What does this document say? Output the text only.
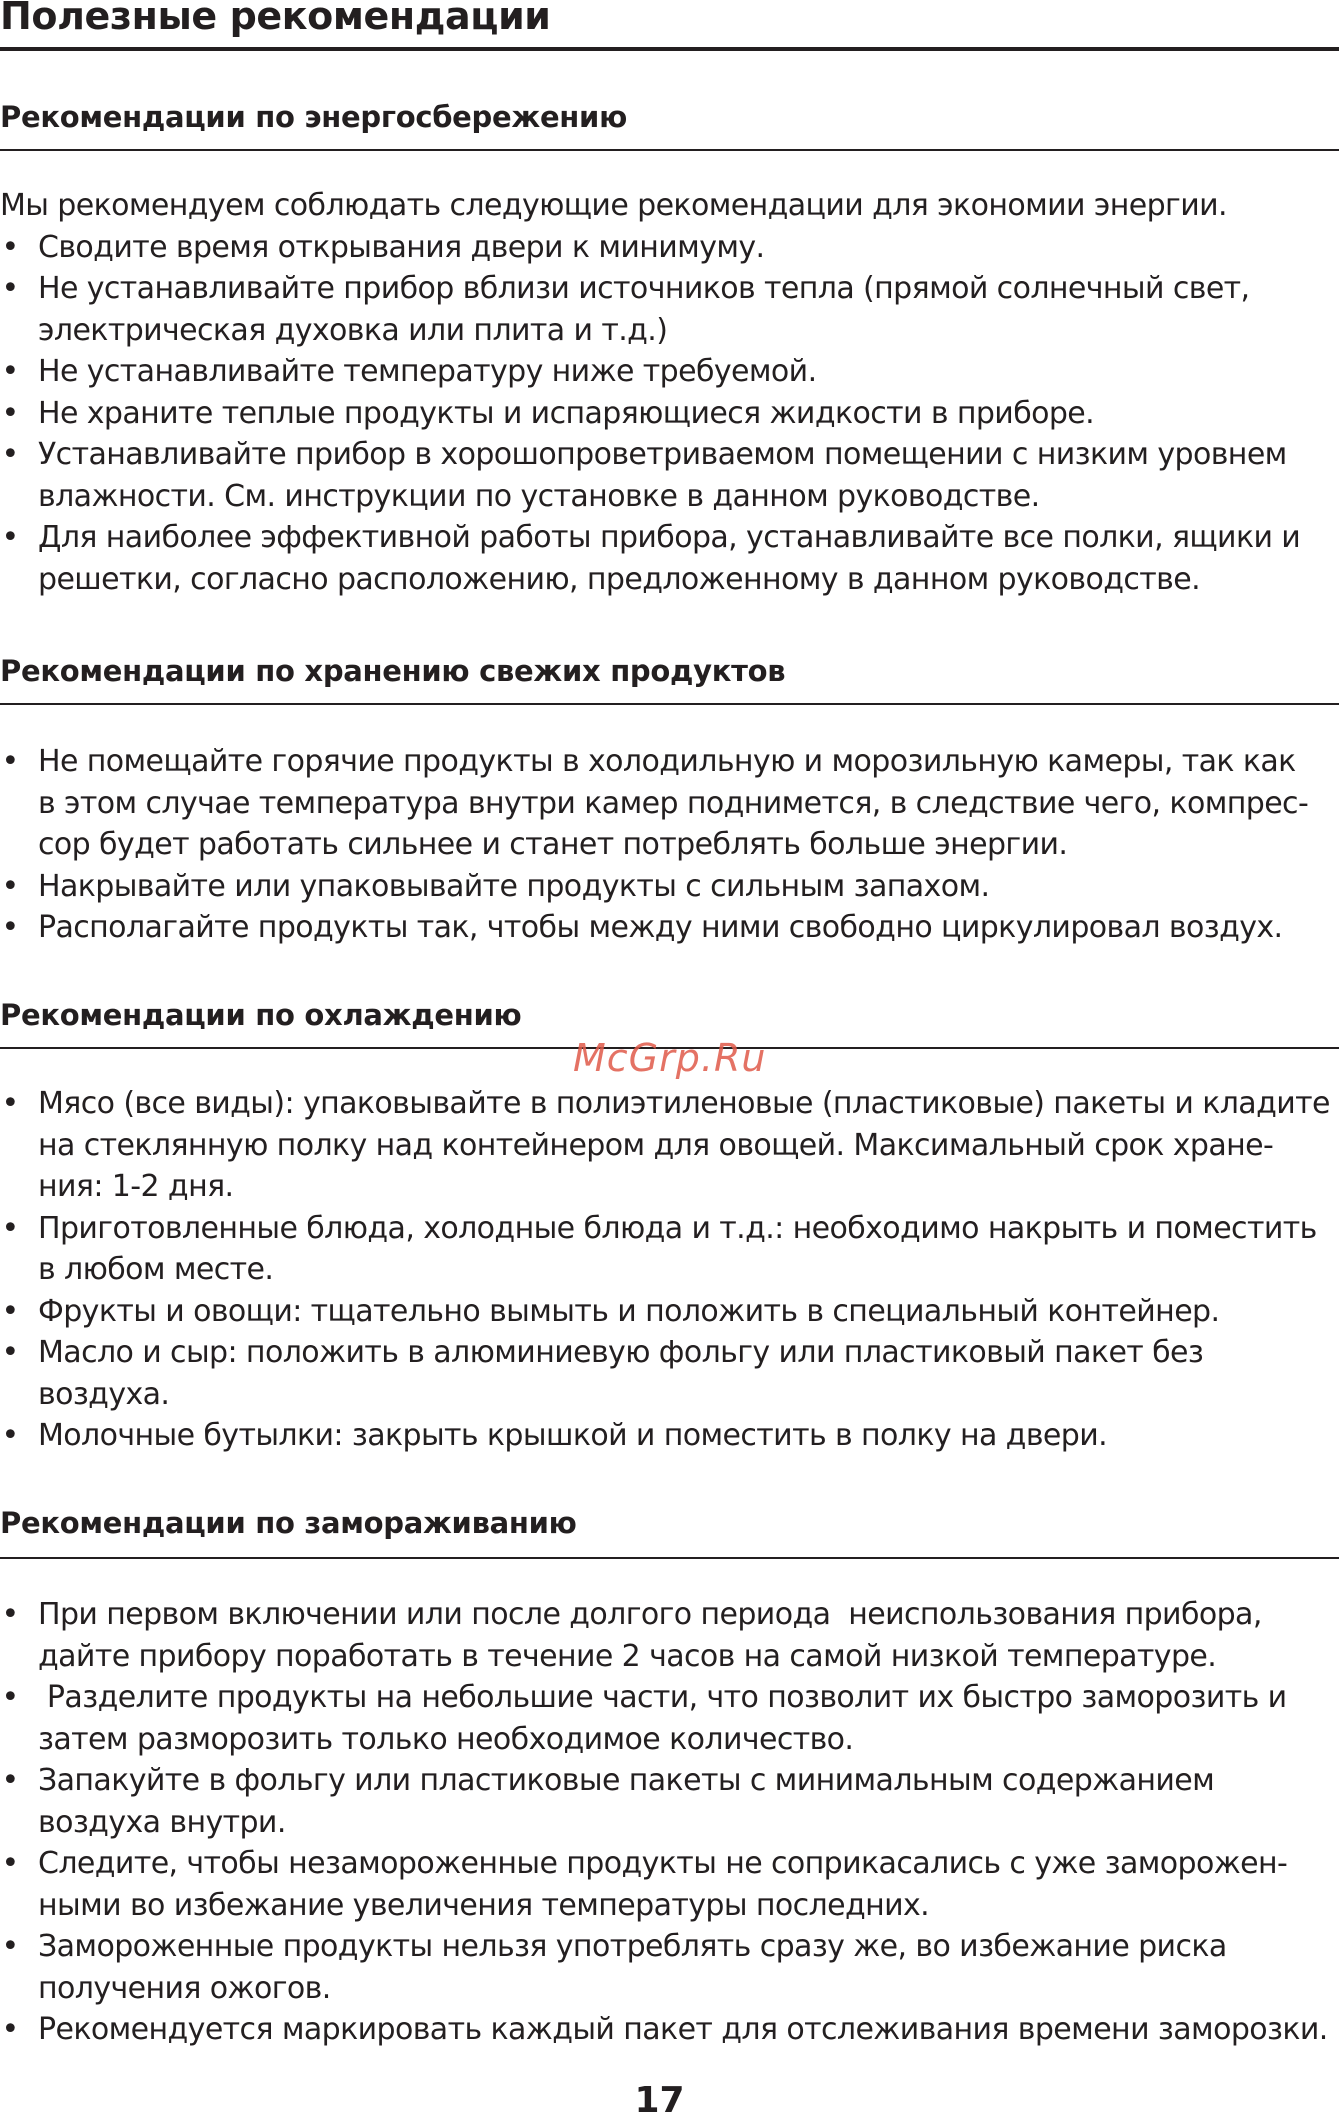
Полезные рекомендации
Рекомендации по энергосбережению

Мы рекомендуем соблюдать следующие рекомендации для экономии энергии.

• Сводите время открывания двери к минимуму.
• Не устанавливайте прибор вблизи источников тепла (прямой солнечный свет,
электрическая духовка или плита и т.д.)
• Не устанавливайте температуру ниже требуемой.
• Не храните теплые продукты и испаряющиеся жидкости в приборе.
• Устанавливайте прибор в хорошопроветриваемом помещении с низким уровнем
влажности. См. инструкции по установке в данном руководстве.
• Для наиболее эффективной работы прибора, устанавливайте все полки, ящики и
решетки, согласно расположению, предложенному в данном руководстве.
Рекомендации по хранению свежих продуктов
• Не помещайте горячие продукты в холодильную и морозильную камеры, так как
в этом случае температура внутри камер поднимется, в следствие чего, компрес-
сор будет работать сильнее и станет потреблять больше энергии.
• Накрывайте или упаковывайте продукты с сильным запахом.
• Располагайте продукты так, чтобы между ними свободно циркулировал воздух.
Рекомендации по охлаждению
• Мясо (все виды): упаковывайте в полиэтиленовые (пластиковые) пакеты и кладите
на стеклянную полку над контейнером для овощей. Максимальный срок хране-
ния: 1-2 дня.
• Приготовленные блюда, холодные блюда и т.д.: необходимо накрыть и поместить
в любом месте.
• Фрукты и овощи: тщательно вымыть и положить в специальный контейнер.
• Масло и сыр: положить в алюминиевую фольгу или пластиковый пакет без
воздуха.
• Молочные бутылки: закрыть крышкой и поместить в полку на двери.
Рекомендации по замораживанию
• При первом включении или после долгого периода  неиспользования прибора,
дайте прибору поработать в течение 2 часов на самой низкой температуре.
• Разделите продукты на небольшие части, что позволит их быстро заморозить и
затем разморозить только необходимое количество.
• Запакуйте в фольгу или пластиковые пакеты с минимальным содержанием
воздуха внутри.
• Следите, чтобы незамороженные продукты не соприкасались с уже заморожен-
ными во избежание увеличения температуры последних.
• Замороженные продукты нельзя употреблять сразу же, во избежание риска
получения ожогов.
• Рекомендуется маркировать каждый пакет для отслеживания времени заморозки.
McGrp.Ru
17
